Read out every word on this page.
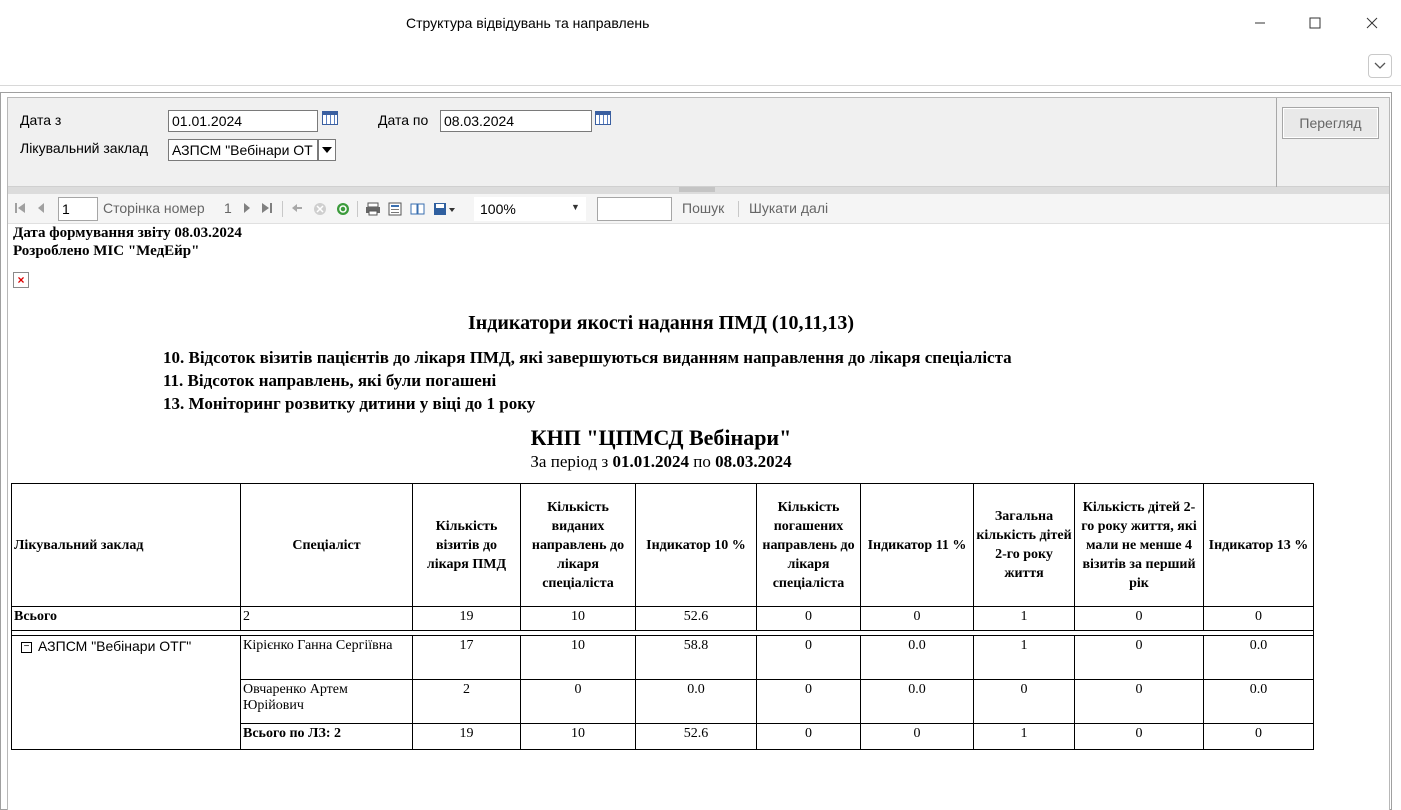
Структура відвідувань та направлень
Дата з	01.01.2024	Дата по 08.03.2024
Лікувальний заклад АЗПСМ "Вебінари ОТ
Перегляд
1	Сторінка номер 1	100%	▼	Пошук Шукати далі
Дата формування звіту 08.03.2024
Розроблено МІС "МедЕйр"
×
Індикатори якості надання ПМД (10,11,13)
10. Відсоток візитів пацієнтів до лікаря ПМД, які завершуються виданням направлення до лікаря спеціаліста
11. Відсоток направлень, які були погашені
13. Моніторинг розвитку дитини у віці до 1 року
КНП "ЦПМСД Вебінари"
За період з 01.01.2024 по 08.03.2024
Лікувальний заклад	Спеціаліст	Кількість візитів до лікаря ПМД	Кількість виданих направлень до лікаря спеціаліста	Індикатор 10 %	Кількість погашених направлень до лікаря спеціаліста	Індикатор 11 %	Загальна кількість дітей 2-го року життя	Кількість дітей 2-го року життя, які мали не менше 4 візитів за перший рік	Індикатор 13 %
Всього	2	19	10	52.6	0	0	1	0	0

− АЗПСМ "Вебінари ОТГ"	Кірієнко Ганна Сергіївна	17	10	58.8	0	0.0	1	0	0.0
	Овчаренко Артем Юрійович	2	0	0.0	0	0.0	0	0	0.0
	Всього по ЛЗ: 2	19	10	52.6	0	0	1	0	0
